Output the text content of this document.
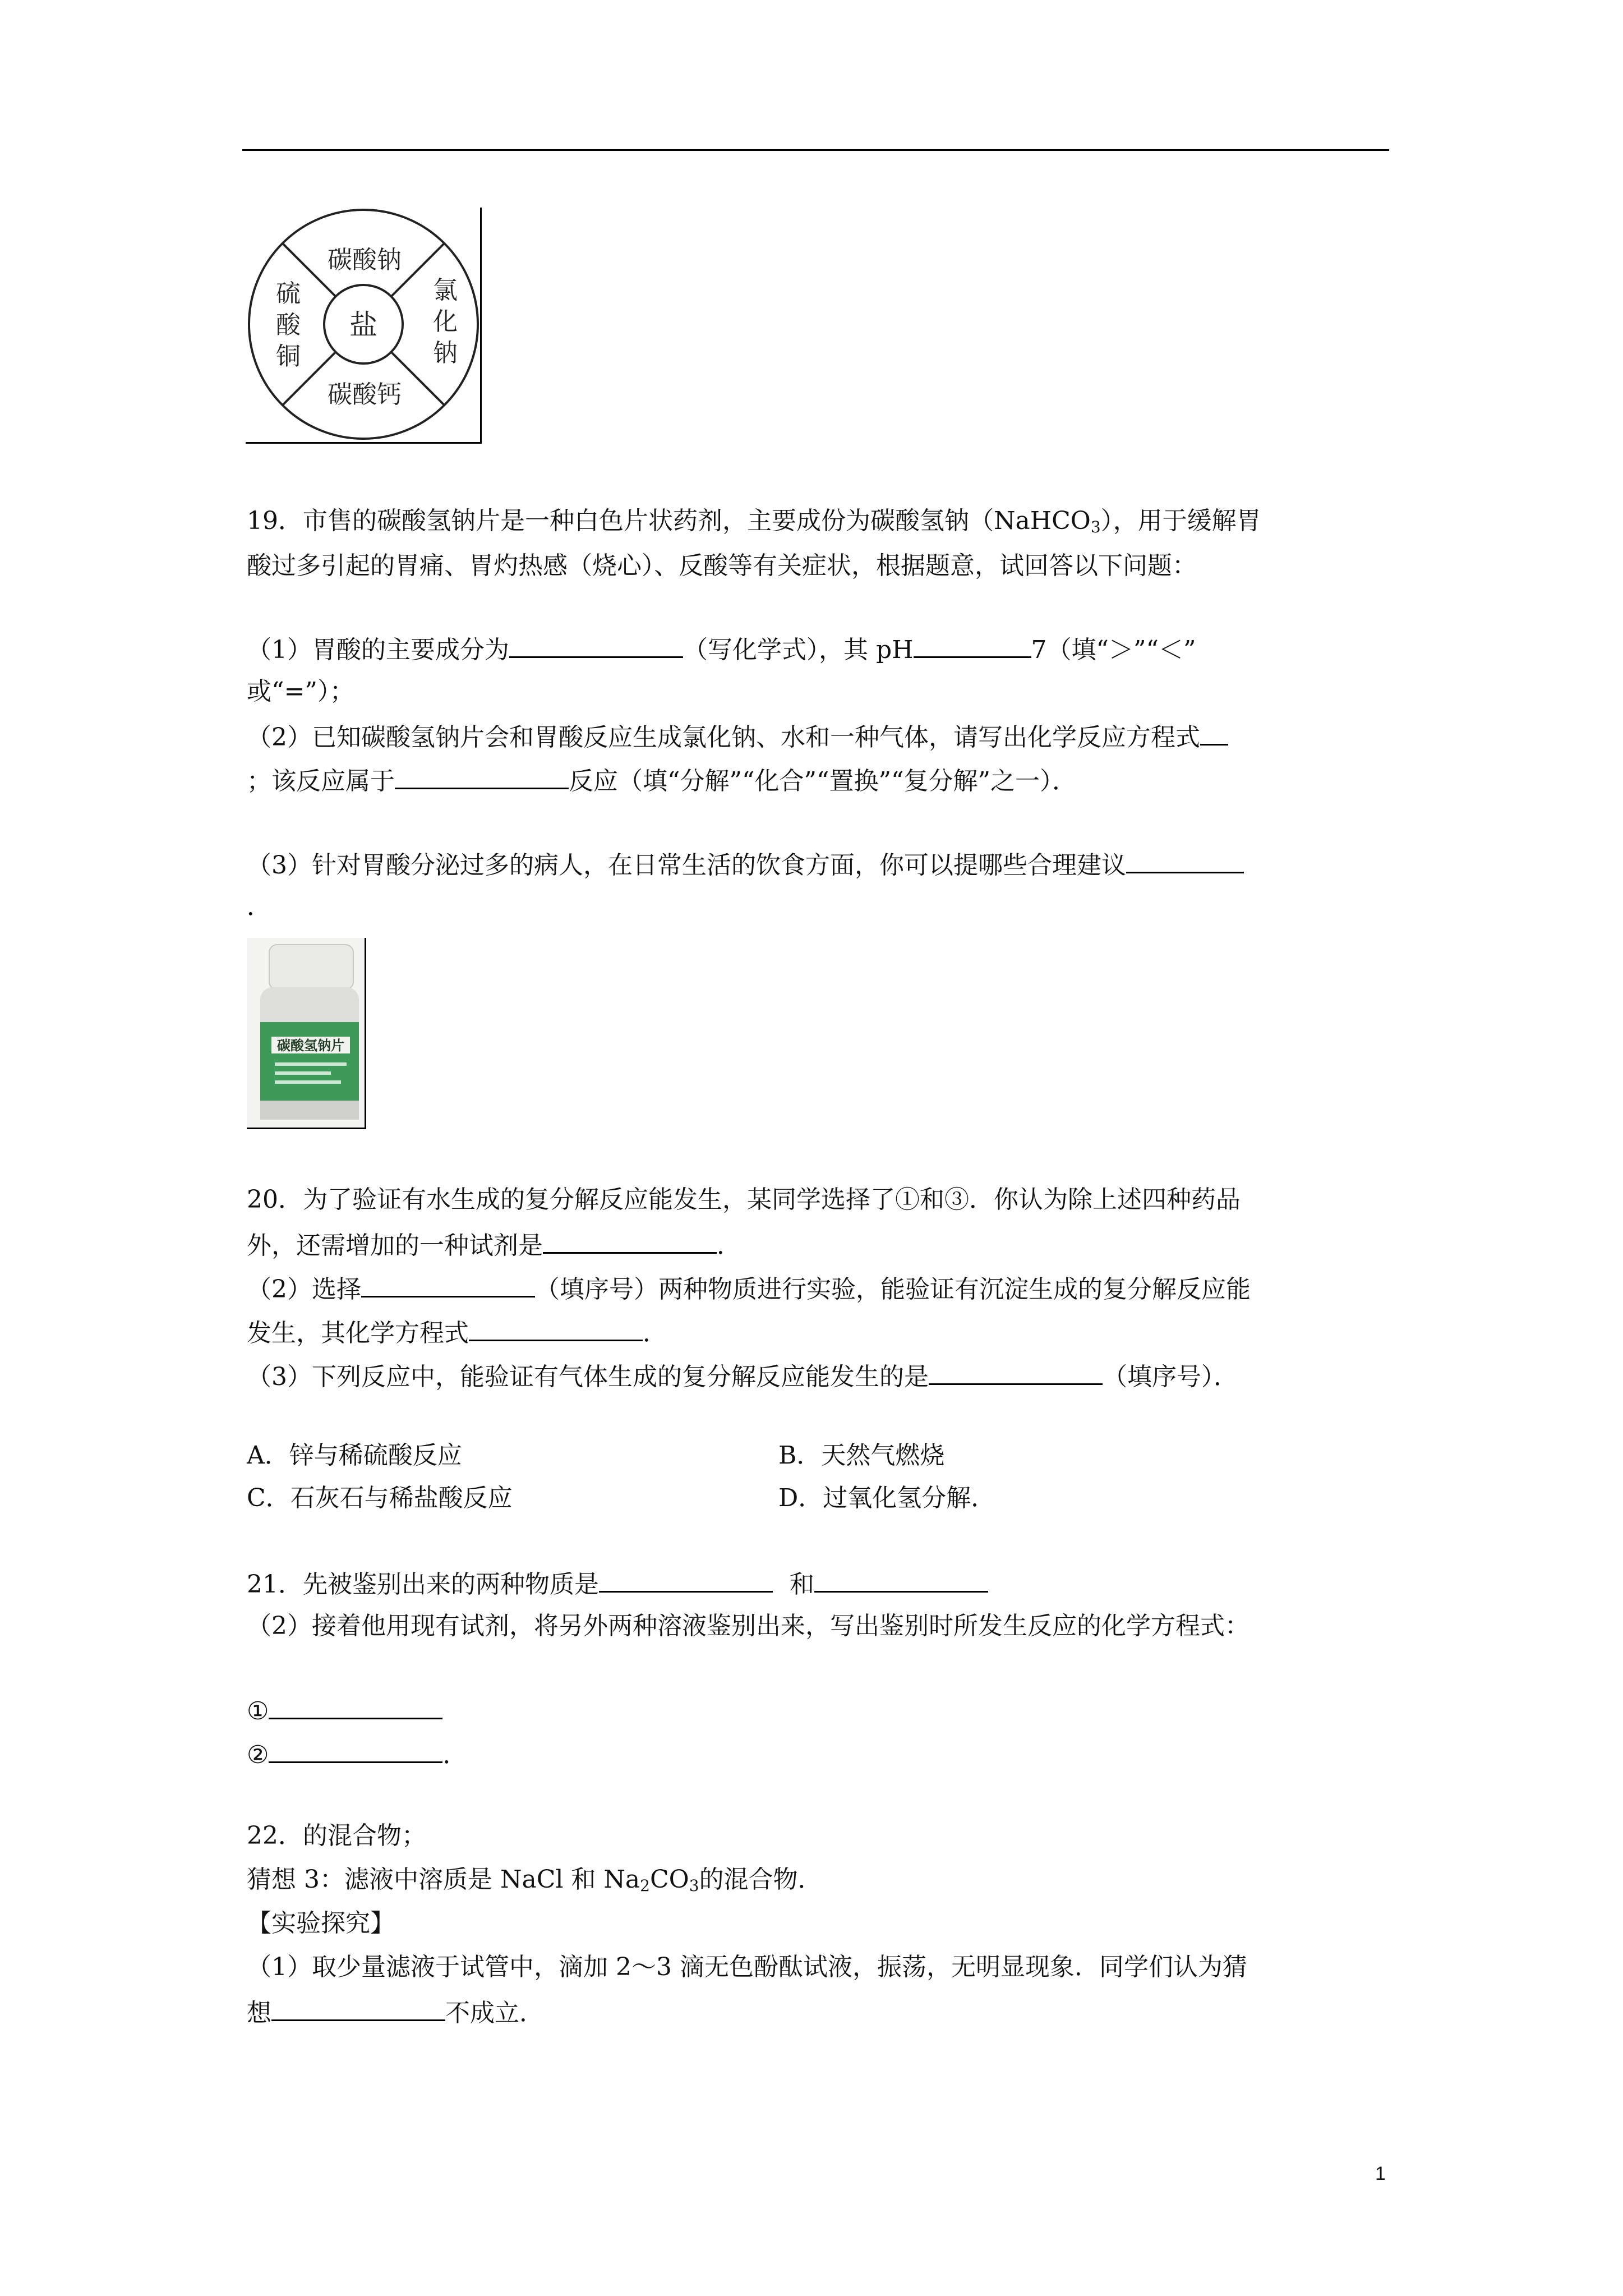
盐
碳酸钠
碳酸钙
氯
化
钠
硫
酸
铜
19．市售的碳酸氢钠片是一种白色片状药剂，主要成份为碳酸氢钠（NaHCO$_3$），用于缓解胃
酸过多引起的胃痛、胃灼热感（烧心）、反酸等有关症状，根据题意，试回答以下问题：
（1）胃酸的主要成分为	（写化学式），其 pH	7（填“＞”“＜”
或“=”）；
（2）已知碳酸氢钠片会和胃酸反应生成氯化钠、水和一种气体，请写出化学反应方程式
；该反应属于	反应（填“分解”“化合”“置换”“复分解”之一）．
（3）针对胃酸分泌过多的病人，在日常生活的饮食方面，你可以提哪些合理建议
．
碳酸氢钠片
20．为了验证有水生成的复分解反应能发生，某同学选择了①和③．你认为除上述四种药品
外，还需增加的一种试剂是	．
（2）选择	（填序号）两种物质进行实验，能验证有沉淀生成的复分解反应能
发生，其化学方程式	．
（3）下列反应中，能验证有气体生成的复分解反应能发生的是	（填序号）．
A．锌与稀硫酸反应	B．天然气燃烧
C．石灰石与稀盐酸反应	D．过氧化氢分解．
21．先被鉴别出来的两种物质是	和
（2）接着他用现有试剂，将另外两种溶液鉴别出来，写出鉴别时所发生反应的化学方程式：
①
②	．
22．的混合物；
猜想 3：滤液中溶质是 NaCl 和 $Na_2CO_3$的混合物．
【实验探究】
（1）取少量滤液于试管中，滴加 2～3 滴无色酚酞试液，振荡，无明显现象．同学们认为猜
想	不成立．
1
